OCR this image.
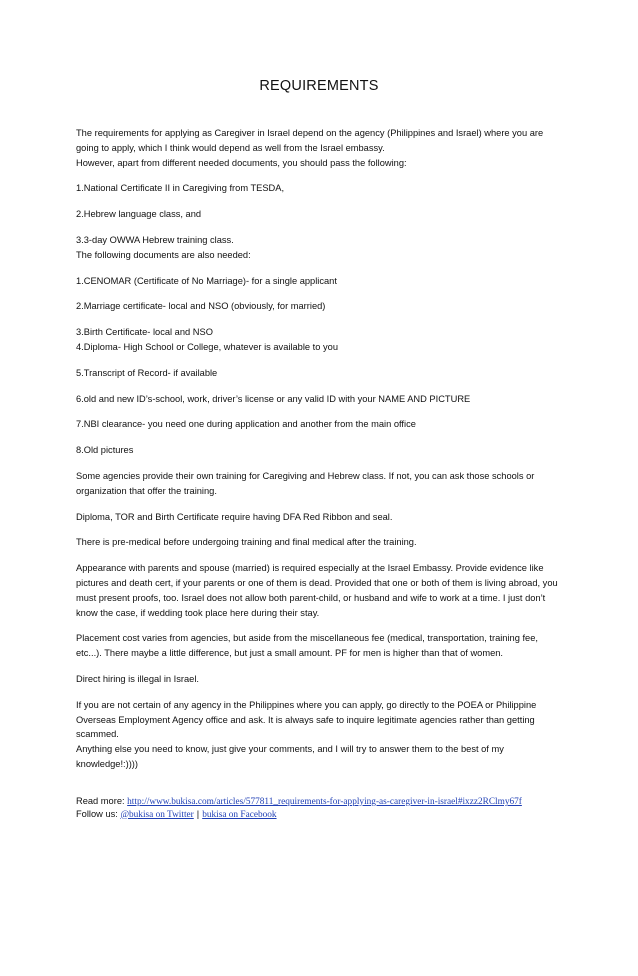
REQUIREMENTS

The requirements for applying as Caregiver in Israel depend on the agency (Philippines and Israel) where you are going to apply, which I think would depend as well from the Israel embassy.

However, apart from different needed documents, you should pass the following:

1.National Certificate II in Caregiving from TESDA,

2.Hebrew language class, and

3.3-day OWWA Hebrew training class.

The following documents are also needed:

1.CENOMAR (Certificate of No Marriage)- for a single applicant

2.Marriage certificate- local and NSO (obviously, for married)

3.Birth Certificate- local and NSO

4.Diploma- High School or College, whatever is available to you

5.Transcript of Record- if available

6.old and new ID’s-school, work, driver’s license or any valid ID with your NAME AND PICTURE

7.NBI clearance- you need one during application and another from the main office

8.Old pictures

Some agencies provide their own training for Caregiving and Hebrew class. If not, you can ask those schools or organization that offer the training.

Diploma, TOR and Birth Certificate require having DFA Red Ribbon and seal.

There is pre-medical before undergoing training and final medical after the training.

Appearance with parents and spouse (married) is required especially at the Israel Embassy. Provide evidence like pictures and death cert, if your parents or one of them is dead. Provided that one or both of them is living abroad, you must present proofs, too. Israel does not allow both parent-child, or husband and wife to work at a time. I just don’t know the case, if wedding took place here during their stay.

Placement cost varies from agencies, but aside from the miscellaneous fee (medical, transportation, training fee, etc...). There maybe a little difference, but just a small amount. PF for men is higher than that of women.

Direct hiring is illegal in Israel.

If you are not certain of any agency in the Philippines where you can apply, go directly to the POEA or Philippine Overseas Employment Agency office and ask. It is always safe to inquire legitimate agencies rather than getting scammed.

Anything else you need to know, just give your comments, and I will try to answer them to the best of my knowledge!:))))

Read more: http://www.bukisa.com/articles/577811_requirements-for-applying-as-caregiver-in-israel#ixzz2RClmy67f
Follow us: @bukisa on Twitter | bukisa on Facebook
